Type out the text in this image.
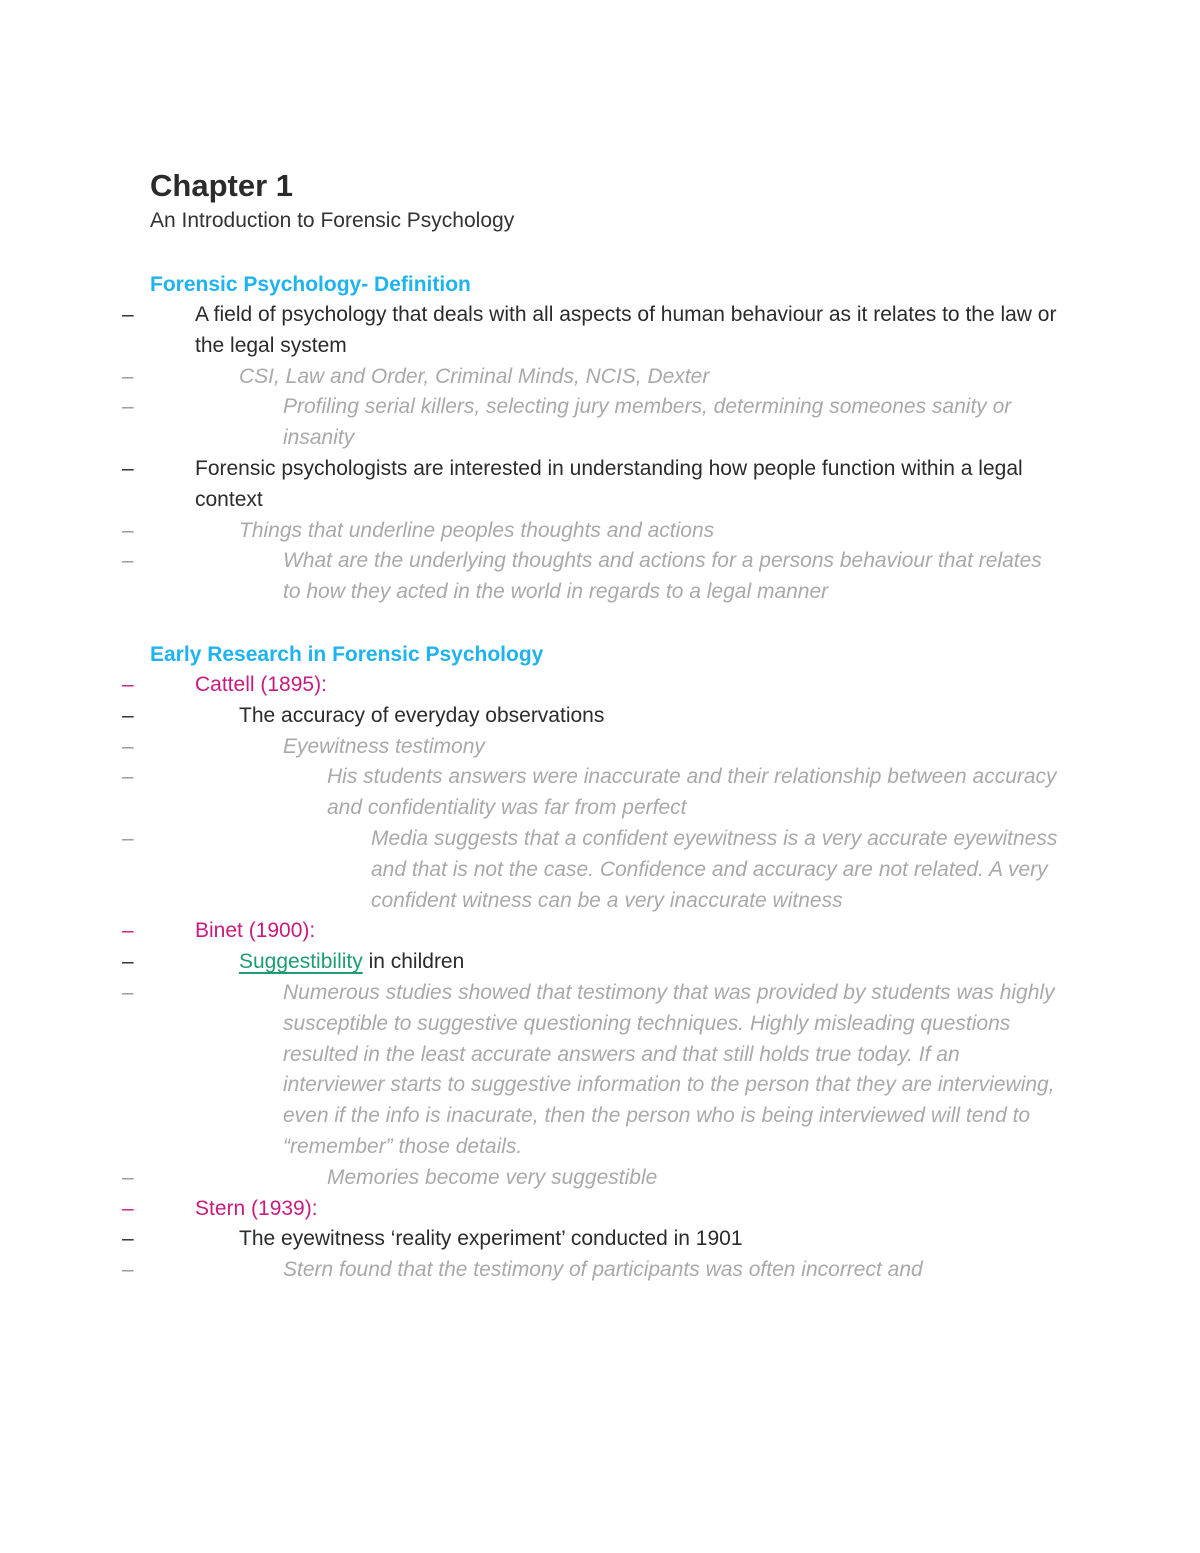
Chapter 1

An Introduction to Forensic Psychology

Forensic Psychology- Definition
–	A field of psychology that deals with all aspects of human behaviour as it relates to the law or the legal system
–	CSI, Law and Order, Criminal Minds, NCIS, Dexter
–	Profiling serial killers, selecting jury members, determining someones sanity or insanity
–	Forensic psychologists are interested in understanding how people function within a legal context
–	Things that underline peoples thoughts and actions
–	What are the underlying thoughts and actions for a persons behaviour that relates to how they acted in the world in regards to a legal manner
Early Research in Forensic Psychology
–	Cattell (1895):
–	The accuracy of everyday observations
–	Eyewitness testimony
–	His students answers were inaccurate and their relationship between accuracy and confidentiality was far from perfect
–	Media suggests that a confident eyewitness is a very accurate eyewitness and that is not the case. Confidence and accuracy are not related. A very confident witness can be a very inaccurate witness
–	Binet (1900):
–	Suggestibility in children
–	Numerous studies showed that testimony that was provided by students was highly susceptible to suggestive questioning techniques. Highly misleading questions resulted in the least accurate answers and that still holds true today. If an interviewer starts to suggestive information to the person that they are interviewing, even if the info is inacurate, then the person who is being interviewed will tend to “remember” those details.
–	Memories become very suggestible
–	Stern (1939):
–	The eyewitness ‘reality experiment’ conducted in 1901
–	Stern found that the testimony of participants was often incorrect and
